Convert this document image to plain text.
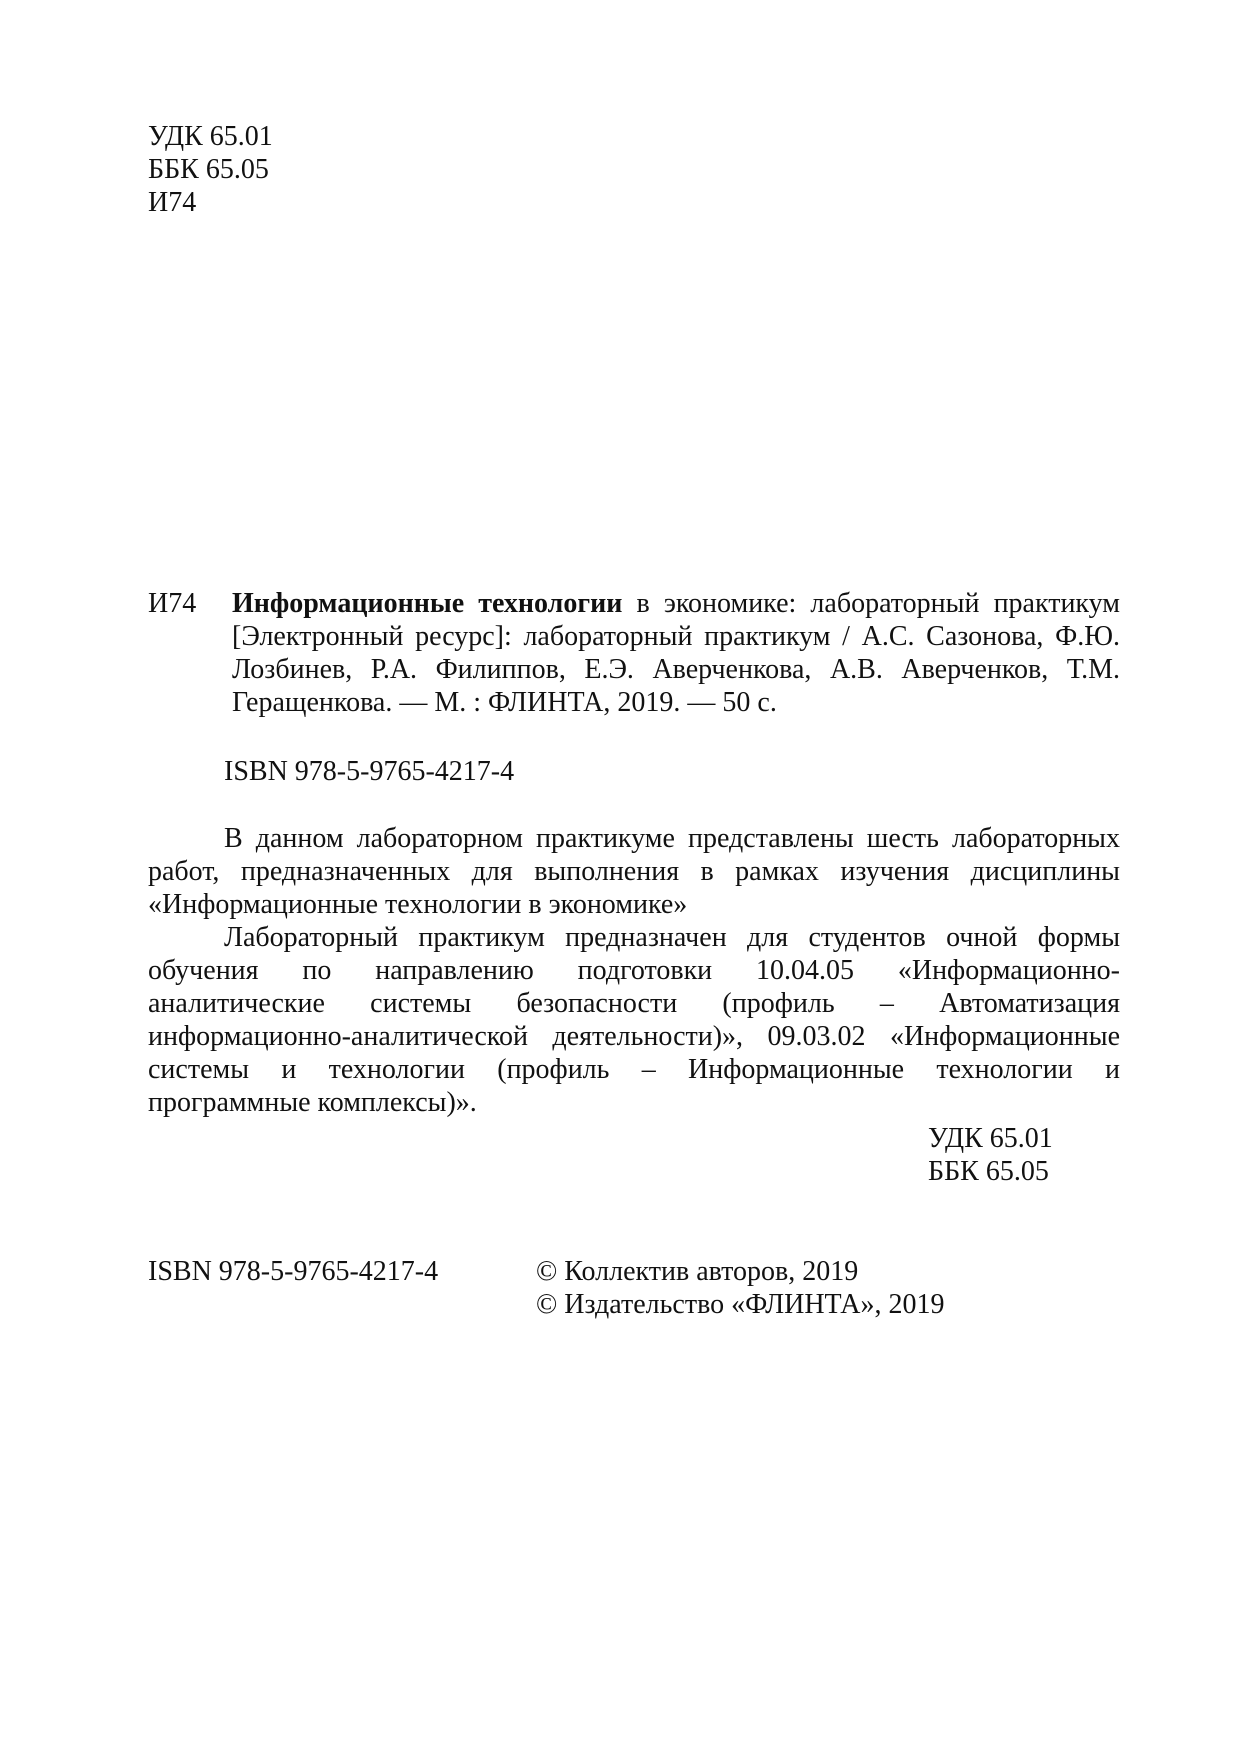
УДК 65.01
ББК 65.05
И74
И74 Информационные технологии в экономике: лабораторный практикум
[Электронный ресурс]: лабораторный практикум / А.С. Сазонова, Ф.Ю.
Лозбинев, Р.А. Филиппов, Е.Э. Аверченкова, А.В. Аверченков, Т.М.
Геращенкова. — М. : ФЛИНТА, 2019. — 50 с.
ISBN 978-5-9765-4217-4
В данном лабораторном практикуме представлены шесть лабораторных
работ, предназначенных для выполнения в рамках изучения дисциплины
«Информационные технологии в экономике»
Лабораторный практикум предназначен для студентов очной формы
обучения по направлению подготовки 10.04.05 «Информационно-
аналитические системы безопасности (профиль – Автоматизация
информационно-аналитической деятельности)», 09.03.02 «Информационные
системы и технологии (профиль – Информационные технологии и
программные комплексы)».
УДК 65.01
ББК 65.05
ISBN 978-5-9765-4217-4	© Коллектив авторов, 2019
© Издательство «ФЛИНТА», 2019
